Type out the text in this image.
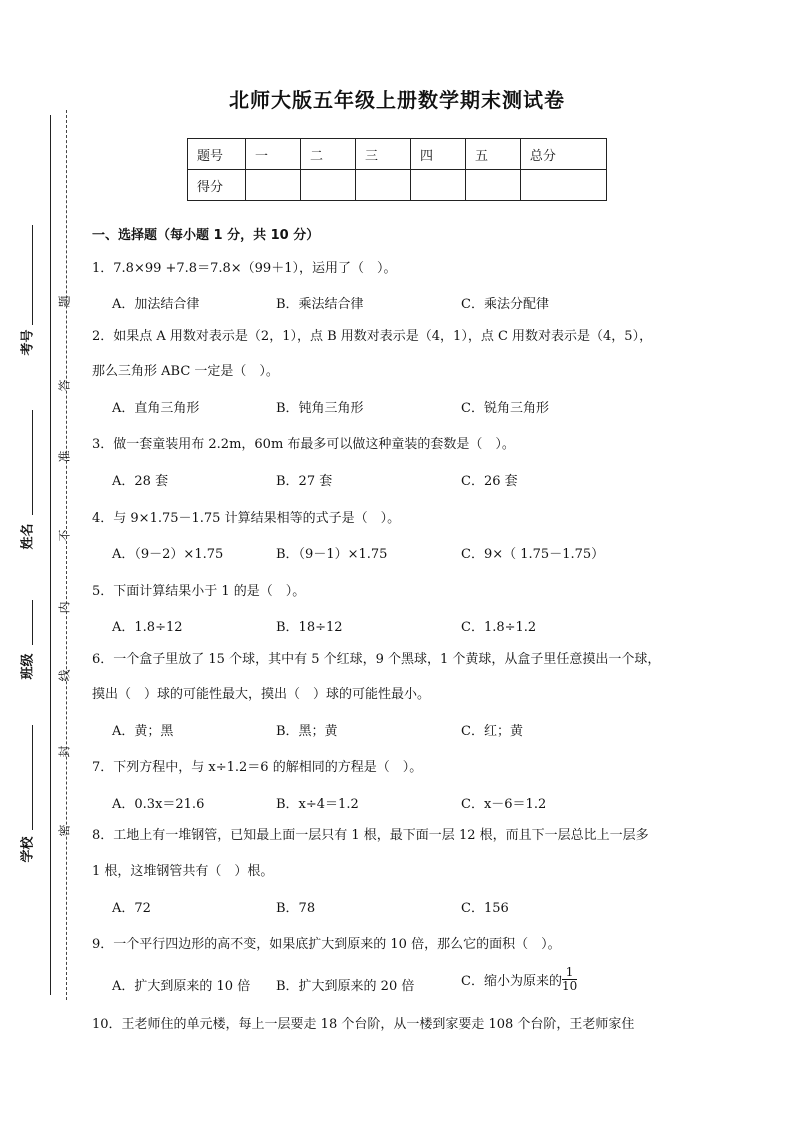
考号
姓名
班级
学校
题
答
准
不
内
线
封
密
北师大版五年级上册数学期末测试卷
题号	一	二	三	四	五	总分
得分						
一、选择题（每小题 1 分，共 10 分）
1．7.8×99 +7.8＝7.8×（99＋1），运用了（　）。
A．加法结合律	B．乘法结合律	C．乘法分配律
2．如果点 A 用数对表示是（2，1），点 B 用数对表示是（4，1），点 C 用数对表示是（4，5），
那么三角形 ABC 一定是（　）。
A．直角三角形	B．钝角三角形	C．锐角三角形
3．做一套童装用布 2.2m，60m 布最多可以做这种童装的套数是（　）。
A．28 套	B．27 套	C．26 套
4．与 9×1.75－1.75 计算结果相等的式子是（　）。
A．（9－2）×1.75	B．（9－1）×1.75	C．9×（ 1.75－1.75）
5．下面计算结果小于 1 的是（　）。
A．1.8÷12	B．18÷12	C．1.8÷1.2
6．一个盒子里放了 15 个球，其中有 5 个红球，9 个黑球，1 个黄球，从盒子里任意摸出一个球，
摸出（　）球的可能性最大，摸出（　）球的可能性最小。
A．黄；黑	B．黑；黄	C．红；黄
7．下列方程中，与 x÷1.2＝6 的解相同的方程是（　）。
A．0.3x＝21.6	B．x÷4＝1.2	C．x－6＝1.2
8．工地上有一堆钢管，已知最上面一层只有 1 根，最下面一层 12 根，而且下一层总比上一层多
1 根，这堆钢管共有（　）根。
A．72	B．78	C．156
9．一个平行四边形的高不变，如果底扩大到原来的 10 倍，那么它的面积（　）。
A．扩大到原来的 10 倍 B．扩大到原来的 20 倍	C．缩小为原来的 $\frac{1}{10}$
10．王老师住的单元楼，每上一层要走 18 个台阶，从一楼到家要走 108 个台阶，王老师家住
